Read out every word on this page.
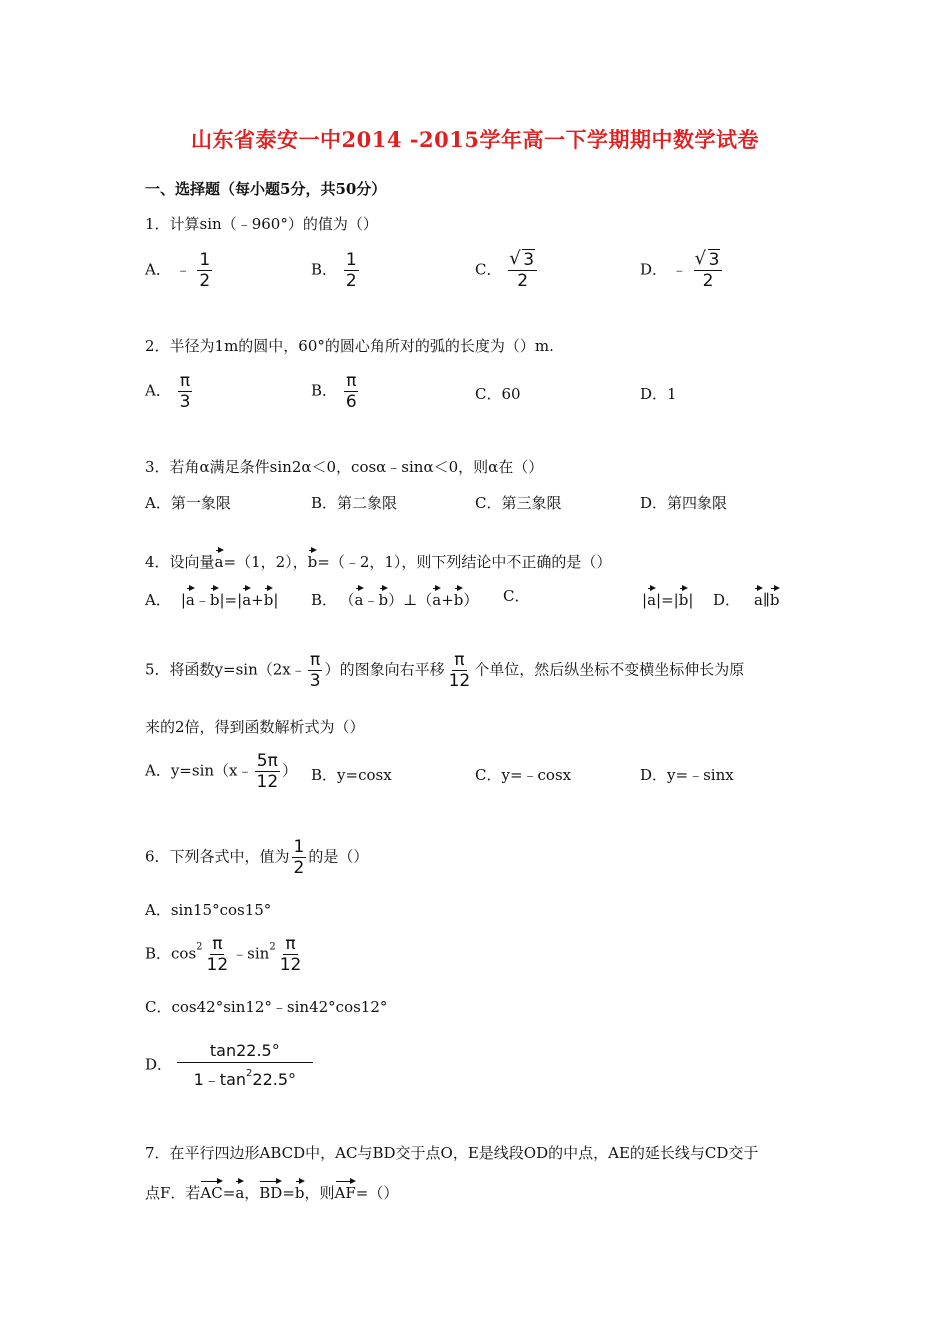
山东省泰安一中2014 -2015学年高一下学期期中数学试卷
一、选择题（每小题5分，共50分）
1．计算sin（﹣960°）的值为（）
A． ﹣ $\frac{1}{2}$	B． $\frac{1}{2}$	C． √ $\frac{3}{2}$	D． ﹣ √ $\frac{3}{2}$
2．半径为1m的圆中，60°的圆心角所对的弧的长度为（）m.
A． $\frac{\pi}{3}$	B． $\frac{\pi}{6}$	C．60	D．1
3．若角α满足条件sin2α＜0，cosα﹣sinα＜0，则α在（）
A．第一象限	B．第二象限	C．第三象限	D．第四象限
4．设向量a=（1，2），b=（﹣2，1），则下列结论中不正确的是（）
A． |a﹣b|=|a+b| B． （a﹣b）⊥（a+b） C．	|a|=|b| D． a∥b
5．将函数y=sin（2x﹣ $\frac{\pi}{3}$ ）的图象向右平移 $\frac{\pi}{12}$ 个单位，然后纵坐标不变横坐标伸长为原
来的2倍，得到函数解析式为（）
A．y=sin（x﹣ $\frac{5\pi}{12}$ ） B．y=cosx	C．y=﹣cosx	D．y=﹣sinx
6．下列各式中，值为 $\frac{1}{2}$ 的是（）
A．sin15°cos15°
B．$\cos^2 \frac{\pi}{12}$ $﹣\sin^2 \frac{\pi}{12}$
C．cos42°sin12°﹣sin42°cos12°
D． $\frac{\tan 22.5^\circ}{1﹣\tan^222.5^\circ}$
7．在平行四边形ABCD中，AC与BD交于点O，E是线段OD的中点，AE的延长线与CD交于
点F．若AC=a，BD=b，则AF=（）
